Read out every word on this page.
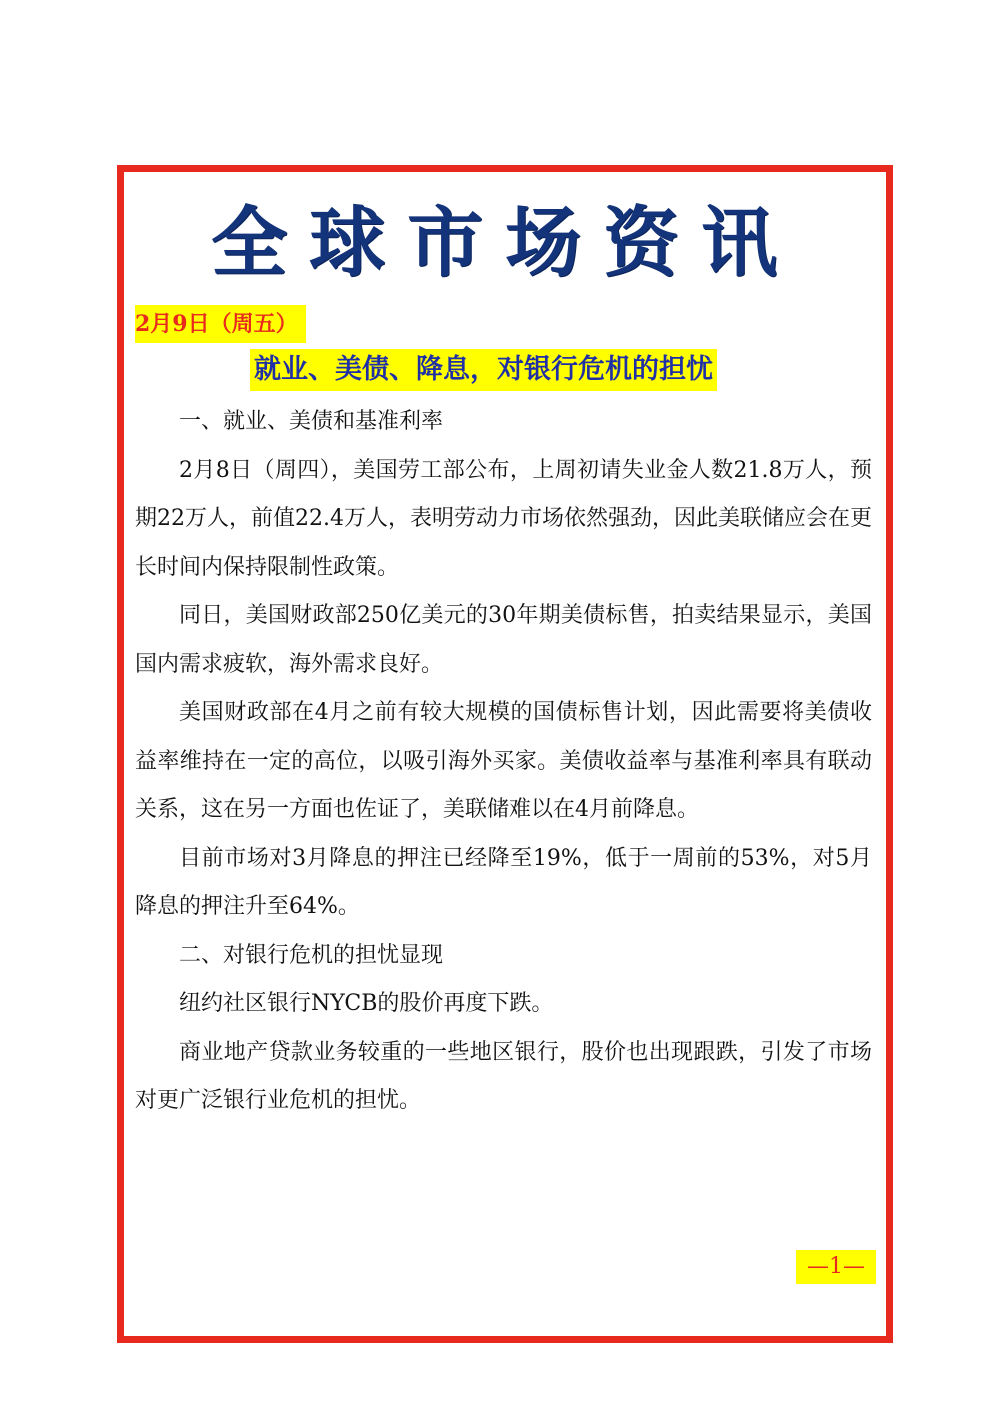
全球市场资讯
2月9日（周五）
就业、美债、降息，对银行危机的担忧

一、就业、美债和基准利率

2月8日（周四），美国劳工部公布，上周初请失业金人数21.8万人，预期22万人，前值22.4万人，表明劳动力市场依然强劲，因此美联储应会在更长时间内保持限制性政策。

同日，美国财政部250亿美元的30年期美债标售，拍卖结果显示，美国国内需求疲软，海外需求良好。

美国财政部在4月之前有较大规模的国债标售计划，因此需要将美债收益率维持在一定的高位，以吸引海外买家。美债收益率与基准利率具有联动关系，这在另一方面也佐证了，美联储难以在4月前降息。

目前市场对3月降息的押注已经降至19%，低于一周前的53%，对5月降息的押注升至64%。

二、对银行危机的担忧显现

纽约社区银行NYCB的股价再度下跌。

商业地产贷款业务较重的一些地区银行，股价也出现跟跌，引发了市场对更广泛银行业危机的担忧。

—1—
